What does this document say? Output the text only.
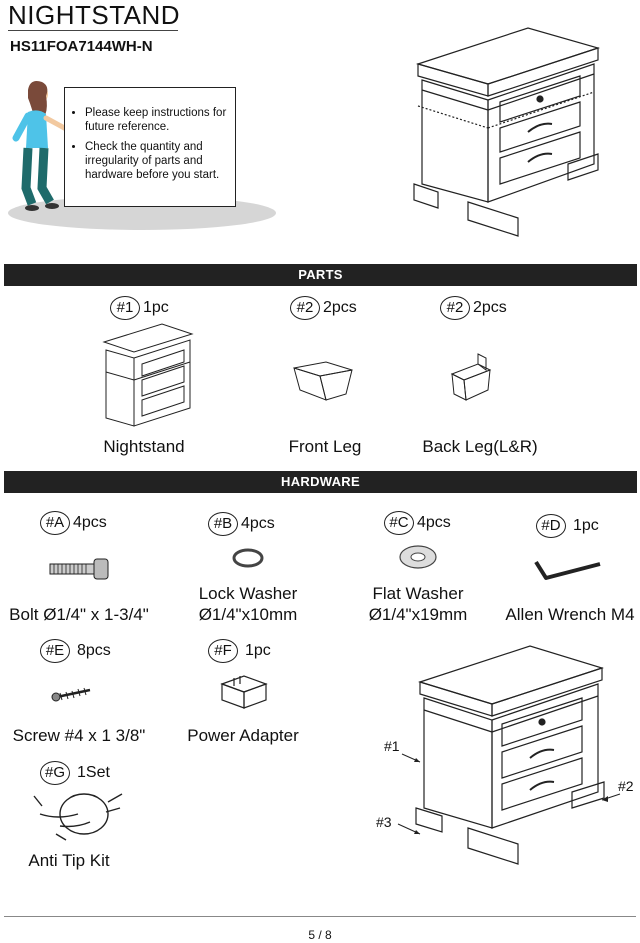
NIGHTSTAND
HS11FOA7144WH-N
• Please keep instructions for future reference.
• Check the quantity and irregularity of parts and hardware before you start.
PARTS
#1 1pc
Nightstand
#2 2pcs
Front Leg
#2 2pcs
Back Leg(L&R)
HARDWARE
#A 4pcs
Bolt Ø1/4" x 1-3/4"
#B 4pcs
Lock Washer
Ø1/4"x10mm
#C 4pcs
Flat Washer
Ø1/4"x19mm
#D 1pc
Allen Wrench M4
#E 8pcs
Screw #4 x 1 3/8"
#F 1pc
Power Adapter
#G 1Set
Anti Tip Kit
#1
#2
#3
5 / 8
